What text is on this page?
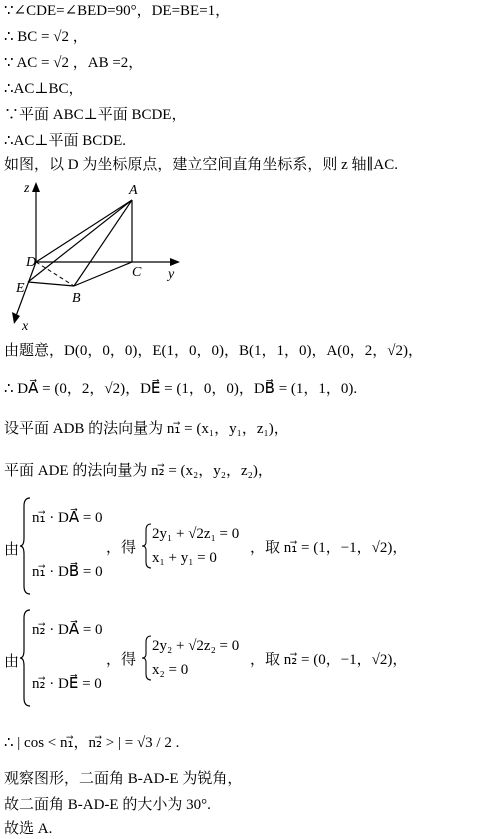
∵∠CDE=∠BED=90°，DE=BE=1，
∴ BC = √2 ，
∵ AC = √2 ，AB =2，
∴AC⊥BC，
∵平面 ABC⊥平面 BCDE，
∴AC⊥平面 BCDE.
如图，以 D 为坐标原点，建立空间直角坐标系，则 z 轴∥AC.
z	A
D
C y
E
B
x
由题意，D(0，0，0)，E(1，0，0)，B(1，1，0)，A(0，2，√2)，
∴ DA⃗ = (0，2，√2)，DE⃗ = (1，0，0)，DB⃗ = (1，1，0).
设平面 ADB 的法向量为 n₁⃗ = (x₁，y₁，z₁)，
平面 ADE 的法向量为 n₂⃗ = (x₂，y₂，z₂)，
由
n₁⃗ · DA⃗ = 0
n₁⃗ · DB⃗ = 0
，得
2y₁ + √2z₁ = 0
x₁ + y₁ = 0
，取 n₁⃗ = (1，−1，√2)，
由
n₂⃗ · DA⃗ = 0
n₂⃗ · DE⃗ = 0
，得
2y₂ + √2z₂ = 0
x₂ = 0
，取 n₂⃗ = (0，−1，√2)，
∴ | cos < n₁⃗，n₂⃗ > | = √3 / 2 .
观察图形，二面角 B-AD-E 为锐角，
故二面角 B-AD-E 的大小为 30°.
故选 A.
